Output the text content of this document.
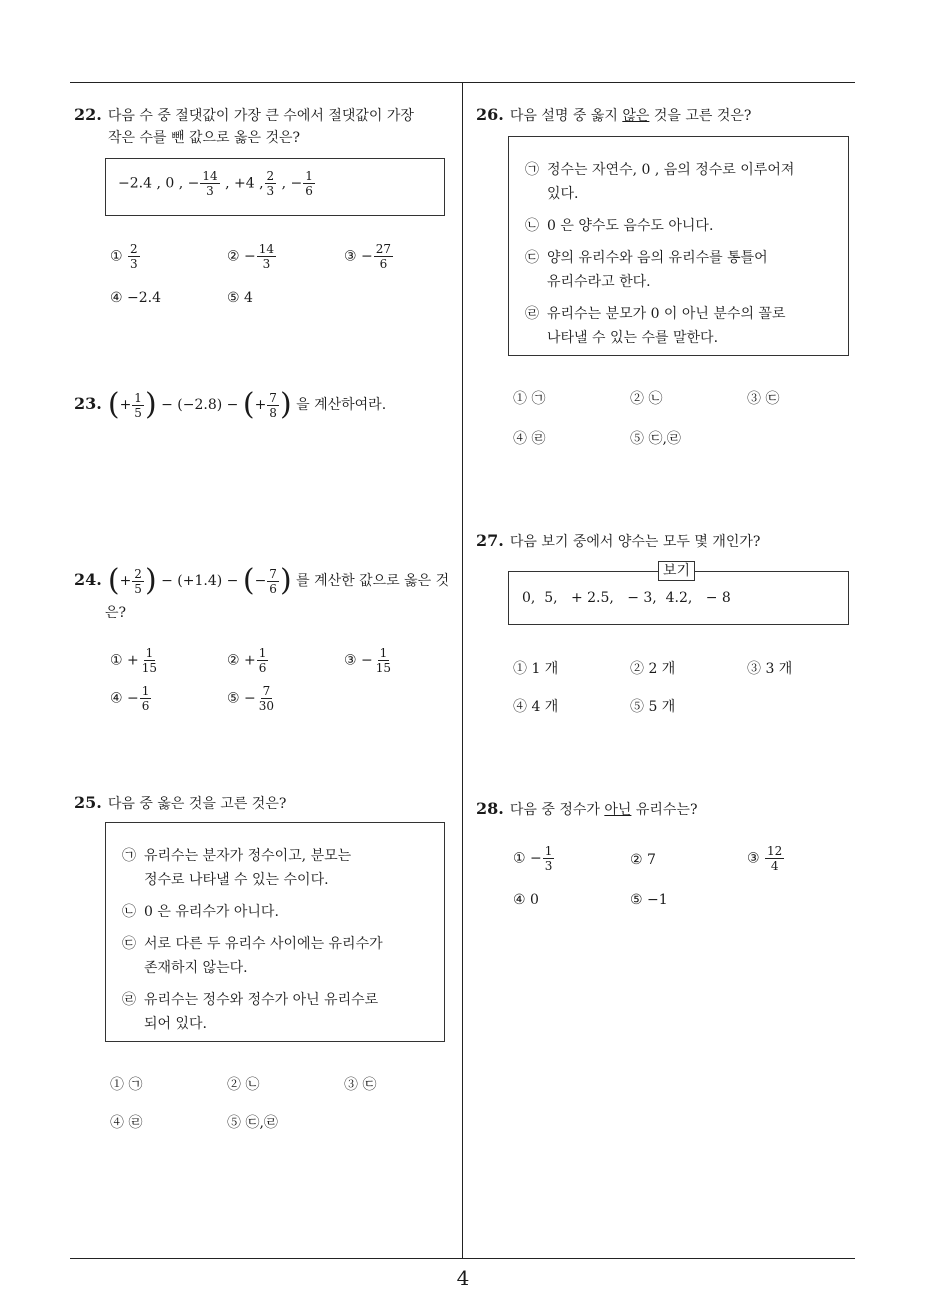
22. 다음 수 중 절댓값이 가장 큰 수에서 절댓값이 가장
작은 수를 뺀 값으로 옳은 것은?
−2.4 , 0 , − $\frac{14}{3}$ , +4 , $\frac{2}{3}$ , − $\frac{1}{6}$
① $\frac{2}{3}$	② − $\frac{14}{3}$	③ − $\frac{27}{6}$
④ −2.4	⑤ 4
23. (+ $\frac{1}{5}$ ) − (−2.8) − (+ $\frac{7}{8}$ ) 을 계산하여라.
24. (+ $\frac{2}{5}$ ) − (+1.4) − (− $\frac{7}{6}$ ) 를 계산한 값으로 옳은 것
은?
① + $\frac{1}{15}$	② + $\frac{1}{6}$	③ − $\frac{1}{15}$
④ − $\frac{1}{6}$	⑤ − $\frac{7}{30}$
25. 다음 중 옳은 것을 고른 것은?
㉠ 유리수는 분자가 정수이고, 분모는
정수로 나타낼 수 있는 수이다.
㉡ 0 은 유리수가 아니다.
㉢ 서로 다른 두 유리수 사이에는 유리수가
존재하지 않는다.
㉣ 유리수는 정수와 정수가 아닌 유리수로
되어 있다.
① ㉠	② ㉡	③ ㉢
④ ㉣	⑤ ㉢,㉣
26. 다음 설명 중 옳지 않은 것을 고른 것은?
㉠ 정수는 자연수, 0 , 음의 정수로 이루어져
있다.
㉡ 0 은 양수도 음수도 아니다.
㉢ 양의 유리수와 음의 유리수를 통틀어
유리수라고 한다.
㉣ 유리수는 분모가 0 이 아닌 분수의 꼴로
나타낼 수 있는 수를 말한다.
① ㉠	② ㉡	③ ㉢
④ ㉣	⑤ ㉢,㉣
27. 다음 보기 중에서 양수는 모두 몇 개인가?
보기
0,  5,   + 2.5,   − 3,  4.2,   − 8
① 1 개	② 2 개	③ 3 개
④ 4 개	⑤ 5 개
28. 다음 중 정수가 아닌 유리수는?
① − $\frac{1}{3}$	② 7	③ $\frac{12}{4}$
④ 0	⑤ −1
4
